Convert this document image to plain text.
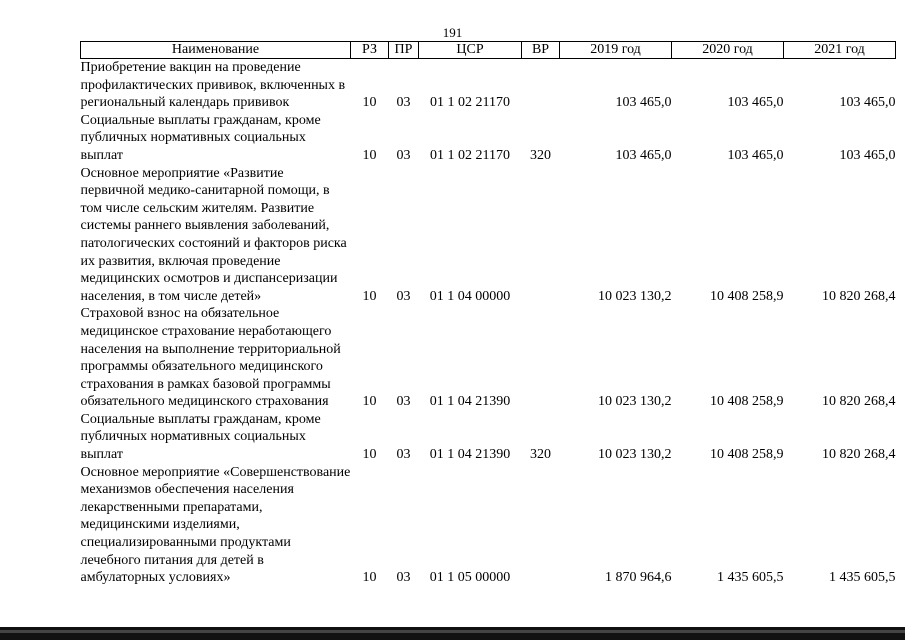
191
Наименование	РЗ	ПР	ЦСР	ВР	2019 год	2020 год	2021 год
Приобретение вакцин на проведение профилактических прививок, включенных в региональный календарь прививок	10	03	01 1 02 21170		103 465,0	103 465,0	103 465,0
Социальные выплаты гражданам, кроме публичных нормативных социальных выплат	10	03	01 1 02 21170	320	103 465,0	103 465,0	103 465,0
Основное мероприятие «Развитие первичной медико-санитарной помощи, в том числе сельским жителям. Развитие системы раннего выявления заболеваний, патологических состояний и факторов риска их развития, включая проведение медицинских осмотров и диспансеризации населения, в том числе детей»	10	03	01 1 04 00000		10 023 130,2	10 408 258,9	10 820 268,4
Страховой взнос на обязательное медицинское страхование неработающего населения на выполнение территориальной программы обязательного медицинского страхования в рамках базовой программы обязательного медицинского страхования	10	03	01 1 04 21390		10 023 130,2	10 408 258,9	10 820 268,4
Социальные выплаты гражданам, кроме публичных нормативных социальных выплат	10	03	01 1 04 21390	320	10 023 130,2	10 408 258,9	10 820 268,4
Основное мероприятие «Совершенствование механизмов обеспечения населения лекарственными препаратами, медицинскими изделиями, специализированными продуктами лечебного питания для детей в амбулаторных условиях»	10	03	01 1 05 00000		1 870 964,6	1 435 605,5	1 435 605,5
